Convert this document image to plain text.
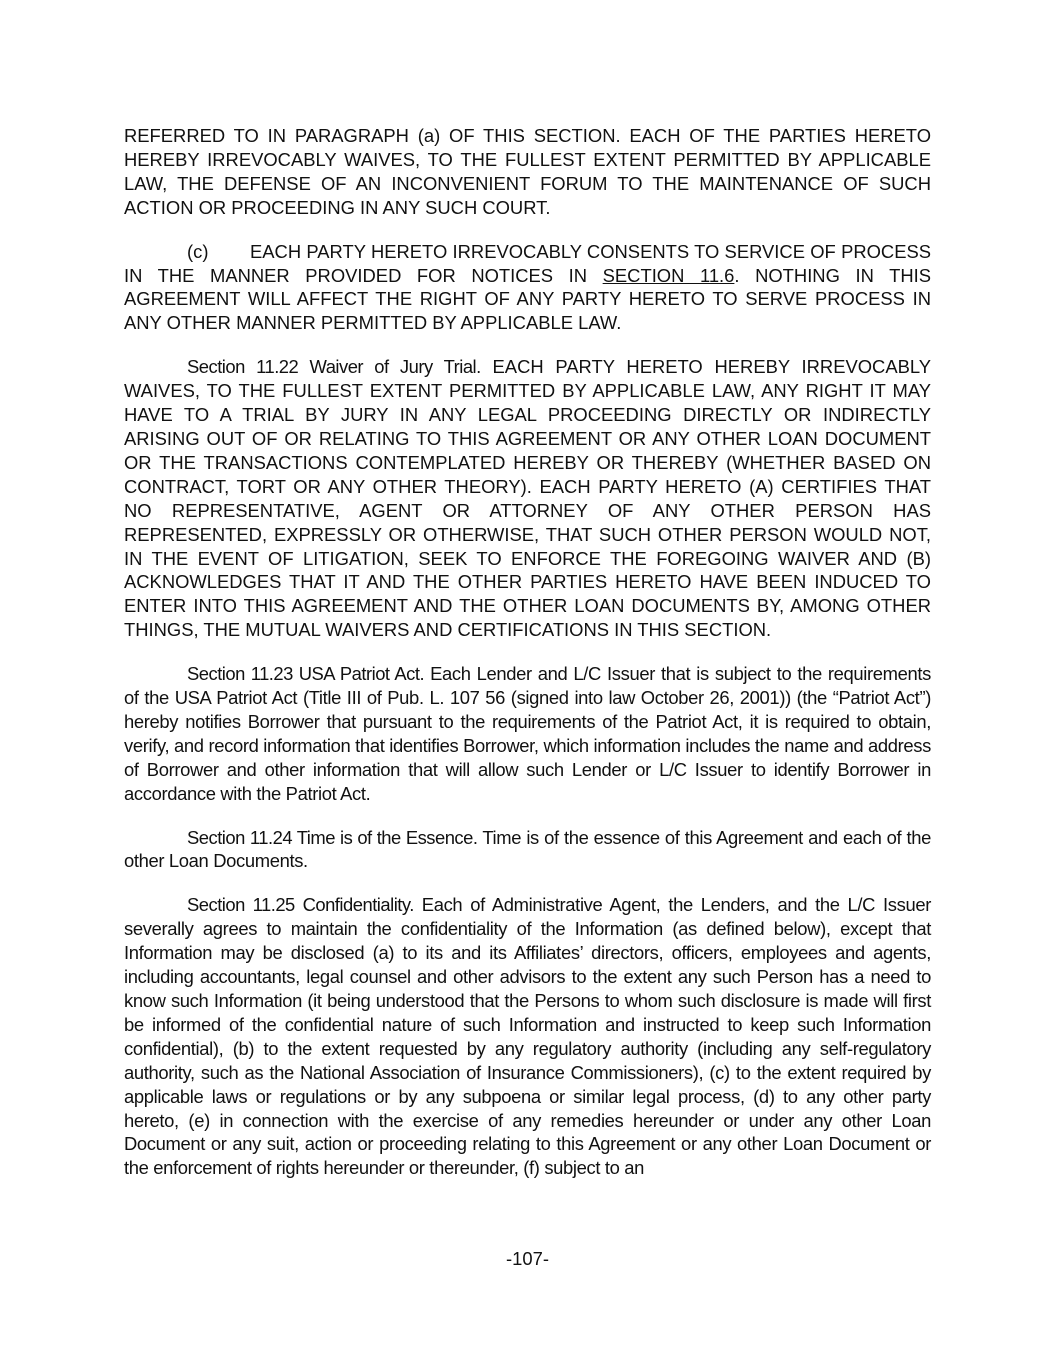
REFERRED TO IN PARAGRAPH (a) OF THIS SECTION. EACH OF THE PARTIES HERETO HEREBY IRREVOCABLY WAIVES, TO THE FULLEST EXTENT PERMITTED BY APPLICABLE LAW, THE DEFENSE OF AN INCONVENIENT FORUM TO THE MAINTENANCE OF SUCH ACTION OR PROCEEDING IN ANY SUCH COURT.

(c) EACH PARTY HERETO IRREVOCABLY CONSENTS TO SERVICE OF PROCESS IN THE MANNER PROVIDED FOR NOTICES IN SECTION 11.6. NOTHING IN THIS AGREEMENT WILL AFFECT THE RIGHT OF ANY PARTY HERETO TO SERVE PROCESS IN ANY OTHER MANNER PERMITTED BY APPLICABLE LAW.

Section 11.22 Waiver of Jury Trial. EACH PARTY HERETO HEREBY IRREVOCABLY WAIVES, TO THE FULLEST EXTENT PERMITTED BY APPLICABLE LAW, ANY RIGHT IT MAY HAVE TO A TRIAL BY JURY IN ANY LEGAL PROCEEDING DIRECTLY OR INDIRECTLY ARISING OUT OF OR RELATING TO THIS AGREEMENT OR ANY OTHER LOAN DOCUMENT OR THE TRANSACTIONS CONTEMPLATED HEREBY OR THEREBY (WHETHER BASED ON CONTRACT, TORT OR ANY OTHER THEORY). EACH PARTY HERETO (A) CERTIFIES THAT NO REPRESENTATIVE, AGENT OR ATTORNEY OF ANY OTHER PERSON HAS REPRESENTED, EXPRESSLY OR OTHERWISE, THAT SUCH OTHER PERSON WOULD NOT, IN THE EVENT OF LITIGATION, SEEK TO ENFORCE THE FOREGOING WAIVER AND (B) ACKNOWLEDGES THAT IT AND THE OTHER PARTIES HERETO HAVE BEEN INDUCED TO ENTER INTO THIS AGREEMENT AND THE OTHER LOAN DOCUMENTS BY, AMONG OTHER THINGS, THE MUTUAL WAIVERS AND CERTIFICATIONS IN THIS SECTION.

Section 11.23 USA Patriot Act. Each Lender and L/C Issuer that is subject to the requirements of the USA Patriot Act (Title III of Pub. L. 107 56 (signed into law October 26, 2001)) (the “Patriot Act”) hereby notifies Borrower that pursuant to the requirements of the Patriot Act, it is required to obtain, verify, and record information that identifies Borrower, which information includes the name and address of Borrower and other information that will allow such Lender or L/C Issuer to identify Borrower in accordance with the Patriot Act.

Section 11.24 Time is of the Essence. Time is of the essence of this Agreement and each of the other Loan Documents.

Section 11.25 Confidentiality. Each of Administrative Agent, the Lenders, and the L/C Issuer severally agrees to maintain the confidentiality of the Information (as defined below), except that Information may be disclosed (a) to its and its Affiliates’ directors, officers, employees and agents, including accountants, legal counsel and other advisors to the extent any such Person has a need to know such Information (it being understood that the Persons to whom such disclosure is made will first be informed of the confidential nature of such Information and instructed to keep such Information confidential), (b) to the extent requested by any regulatory authority (including any self-regulatory authority, such as the National Association of Insurance Commissioners), (c) to the extent required by applicable laws or regulations or by any subpoena or similar legal process, (d) to any other party hereto, (e) in connection with the exercise of any remedies hereunder or under any other Loan Document or any suit, action or proceeding relating to this Agreement or any other Loan Document or the enforcement of rights hereunder or thereunder, (f) subject to an

-107-
